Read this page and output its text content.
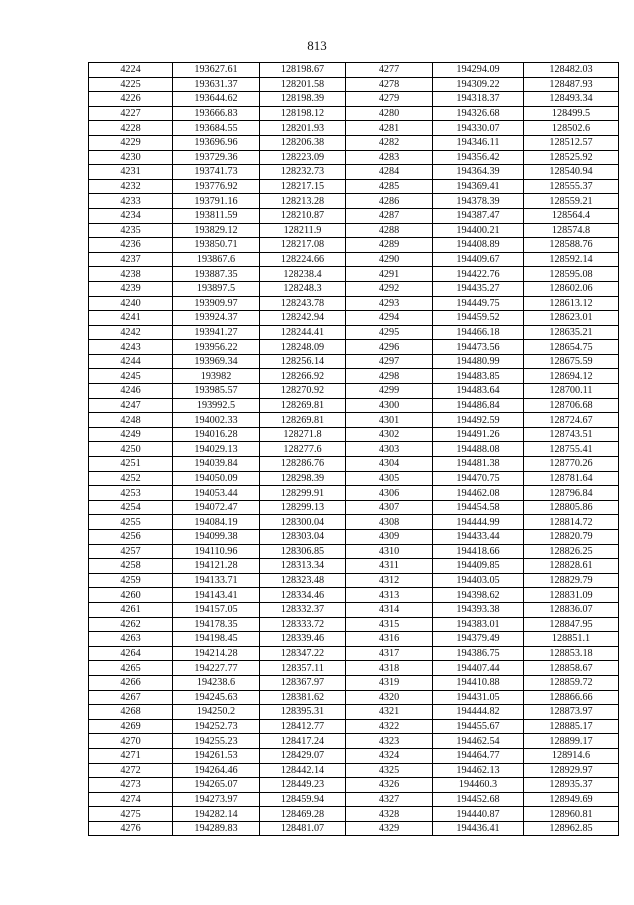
813
4224	193627.61	128198.67	4277	194294.09	128482.03
4225	193631.37	128201.58	4278	194309.22	128487.93
4226	193644.62	128198.39	4279	194318.37	128493.34
4227	193666.83	128198.12	4280	194326.68	128499.5
4228	193684.55	128201.93	4281	194330.07	128502.6
4229	193696.96	128206.38	4282	194346.11	128512.57
4230	193729.36	128223.09	4283	194356.42	128525.92
4231	193741.73	128232.73	4284	194364.39	128540.94
4232	193776.92	128217.15	4285	194369.41	128555.37
4233	193791.16	128213.28	4286	194378.39	128559.21
4234	193811.59	128210.87	4287	194387.47	128564.4
4235	193829.12	128211.9	4288	194400.21	128574.8
4236	193850.71	128217.08	4289	194408.89	128588.76
4237	193867.6	128224.66	4290	194409.67	128592.14
4238	193887.35	128238.4	4291	194422.76	128595.08
4239	193897.5	128248.3	4292	194435.27	128602.06
4240	193909.97	128243.78	4293	194449.75	128613.12
4241	193924.37	128242.94	4294	194459.52	128623.01
4242	193941.27	128244.41	4295	194466.18	128635.21
4243	193956.22	128248.09	4296	194473.56	128654.75
4244	193969.34	128256.14	4297	194480.99	128675.59
4245	193982	128266.92	4298	194483.85	128694.12
4246	193985.57	128270.92	4299	194483.64	128700.11
4247	193992.5	128269.81	4300	194486.84	128706.68
4248	194002.33	128269.81	4301	194492.59	128724.67
4249	194016.28	128271.8	4302	194491.26	128743.51
4250	194029.13	128277.6	4303	194488.08	128755.41
4251	194039.84	128286.76	4304	194481.38	128770.26
4252	194050.09	128298.39	4305	194470.75	128781.64
4253	194053.44	128299.91	4306	194462.08	128796.84
4254	194072.47	128299.13	4307	194454.58	128805.86
4255	194084.19	128300.04	4308	194444.99	128814.72
4256	194099.38	128303.04	4309	194433.44	128820.79
4257	194110.96	128306.85	4310	194418.66	128826.25
4258	194121.28	128313.34	4311	194409.85	128828.61
4259	194133.71	128323.48	4312	194403.05	128829.79
4260	194143.41	128334.46	4313	194398.62	128831.09
4261	194157.05	128332.37	4314	194393.38	128836.07
4262	194178.35	128333.72	4315	194383.01	128847.95
4263	194198.45	128339.46	4316	194379.49	128851.1
4264	194214.28	128347.22	4317	194386.75	128853.18
4265	194227.77	128357.11	4318	194407.44	128858.67
4266	194238.6	128367.97	4319	194410.88	128859.72
4267	194245.63	128381.62	4320	194431.05	128866.66
4268	194250.2	128395.31	4321	194444.82	128873.97
4269	194252.73	128412.77	4322	194455.67	128885.17
4270	194255.23	128417.24	4323	194462.54	128899.17
4271	194261.53	128429.07	4324	194464.77	128914.6
4272	194264.46	128442.14	4325	194462.13	128929.97
4273	194265.07	128449.23	4326	194460.3	128935.37
4274	194273.97	128459.94	4327	194452.68	128949.69
4275	194282.14	128469.28	4328	194440.87	128960.81
4276	194289.83	128481.07	4329	194436.41	128962.85
